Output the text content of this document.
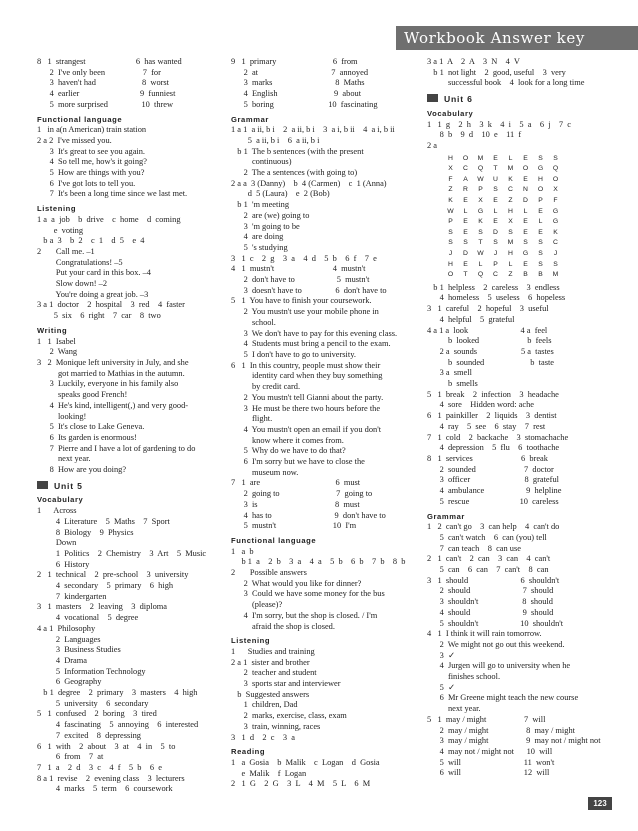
Workbook Answer key
8   1  strangest                        6  has wanted
2  I've only been                  7  for
3  haven't had                      8  worst
4  earlier                             9  funniest
5  more surprised                10  threw
Functional language
1   in a(n American) train station
2 a 2  I've missed you.
3  It's great to see you again.
4  So tell me, how's it going?
5  How are things with you?
6  I've got lots to tell you.
7  It's been a long time since we last met.
Listening
1 a  a  job    b  drive    c  home    d  coming
e  voting
b a  3    b  2    c  1    d  5    e  4
2       Call me. –1
Congratulations! –5
Put your card in this box. –4
Slow down! –2
You're doing a great job. –3
3 a 1  doctor    2  hospital    3  red    4  faster
5  six    6  right    7  car    8  two
Writing
1   1  Isabel
2  Wang
3   2  Monique left university in July, and she
got married to Mathias in the autumn.
3  Luckily, everyone in his family also
speaks good French!
4  He's kind, intelligent(,) and very good-
looking!
5  It's close to Lake Geneva.
6  Its garden is enormous!
7  Pierre and I have a lot of gardening to do
next year.
8  How are you doing?
Unit 5
Vocabulary
1      Across
4  Literature    5  Maths    7  Sport
8  Biology    9  Physics
Down
1  Politics    2  Chemistry    3  Art    5  Music
6  History
2   1  technical    2  pre-school    3  university
4  secondary    5  primary    6  high
7  kindergarten
3   1  masters    2  leaving    3  diploma
4  vocational    5  degree
4 a 1  Philosophy
2  Languages
3  Business Studies
4  Drama
5  Information Technology
6  Geography
b 1  degree    2  primary    3  masters    4  high
5  university    6  secondary
5   1  confused    2  boring    3  tired
4  fascinating    5  annoying    6  interested
7  excited    8  depressing
6   1  with    2  about    3  at    4  in    5  to
6  from    7  at
7   1  a    2  d    3  c    4  f    5  b    6  e
8 a 1  revise    2  evening class    3  lecturers
4  marks    5  term    6  coursework
9   1  primary                           6  from
2  at                                   7  annoyed
3  marks                              8  Maths
4  English                           9  about
5  boring                          10  fascinating
Grammar
1 a 1  a ii, b i    2  a ii, b i    3  a i, b ii    4  a i, b ii
5  a ii, b i    6  a ii, b i
b 1  The b sentences (with the present
continuous)
2  The a sentences (with going to)
2 a a  3 (Danny)    b  4 (Carmen)    c  1 (Anna)
d  5 (Laura)    e  2 (Bob)
b 1  'm meeting
2  are (we) going to
3  'm going to be
4  are doing
5  's studying
3   1  c    2  g    3  a    4  d    5  b    6  f    7  e
4   1  mustn't                            4  mustn't
2  don't have to                    5  mustn't
3  doesn't have to                6  don't have to
5   1  You have to finish your coursework.
2  You mustn't use your mobile phone in
school.
3  We don't have to pay for this evening class.
4  Students must bring a pencil to the exam.
5  I don't have to go to university.
6   1  In this country, people must show their
identity card when they buy something
by credit card.
2  You mustn't tell Gianni about the party.
3  He must be there two hours before the
flight.
4  You mustn't open an email if you don't
know where it comes from.
5  Why do we have to do that?
6  I'm sorry but we have to close the
museum now.
7   1  are                                    6  must
2  going to                           7  going to
3  is                                     8  must
4  has to                              9  don't have to
5  mustn't                           10  I'm
Functional language
1   a  b
b 1  a    2  b    3  a    4  a    5  b    6  b    7  b    8  b
2       Possible answers
2  What would you like for dinner?
3  Could we have some money for the bus
(please)?
4  I'm sorry, but the shop is closed. / I'm
afraid the shop is closed.
Listening
1      Studies and training
2 a 1  sister and brother
2  teacher and student
3  sports star and interviewer
b  Suggested answers
1  children, Dad
2  marks, exercise, class, exam
3  train, winning, races
3   1  d    2  c    3  a
Reading
1   a  Gosia    b  Malik    c  Logan    d  Gosia
e  Malik    f  Logan
2   1  G    2  G    3  L    4  M    5  L    6  M
3 a 1  A    2  A    3  N    4  V
b 1  not light    2  good, useful    3  very
successful book    4  look for a long time
Unit 6
Vocabulary
1   1  g    2  h    3  k    4  i    5  a    6  j    7  c
8  b    9  d    10  e    11  f
2 a
H	O	M	E	L	E	S	S
X	C	Q	T	M	O	G	Q
F	A	W	U	K	E	H	O
Z	R	P	S	C	N	O	X
K	E	X	E	Z	D	P	F
W	L	G	L	H	L	E	G
P	E	K	E	X	E	L	G
S	E	S	D	S	E	E	K
S	S	T	S	M	S	S	C
J	D	W	J	H	G	S	J
H	E	L	P	L	E	S	S
O	T	Q	C	Z	B	B	M
b 1  helpless    2  careless    3  endless
4  homeless    5  useless    6  hopeless
3   1  careful    2  hopeful    3  useful
4  helpful    5  grateful
4 a 1 a  look                         4 a  feel
b  looked                       b  feels
2 a  sounds                     5 a  tastes
b  sounded                      b  taste
3 a  smell
b  smells
5   1  break    2  infection    3  headache
4  sore    Hidden word: ache
6   1  painkiller    2  liquids    3  dentist
4  ray    5  see    6  stay    7  rest
7   1  cold    2  backache    3  stomachache
4  depression    5  flu    6  toothache
8   1  services                       6  break
2  sounded                       7  doctor
3  officer                          8  grateful
4  ambulance                    9  helpline
5  rescue                        10  careless
Grammar
1   2  can't go    3  can help    4  can't do
5  can't watch    6  can (you) tell
7  can teach    8  can use
2   1  can't    2  can    3  can    4  can't
5  can    6  can    7  can't    8  can
3   1  should                         6  shouldn't
2  should                         7  should
3  shouldn't                     8  should
4  should                         9  should
5  shouldn't                    10  shouldn't
4   1  I think it will rain tomorrow.
2  We might not go out this weekend.
3  ✓
4  Jurgen will go to university when he
finishes school.
5  ✓
6  Mr Greene might teach the new course
next year.
5   1  may / might                  7  will
2  may / might                  8  may / might
3  may / might                  9  may not / might not
4  may not / might not      10  will
5  will                              11  won't
6  will                              12  will
123
